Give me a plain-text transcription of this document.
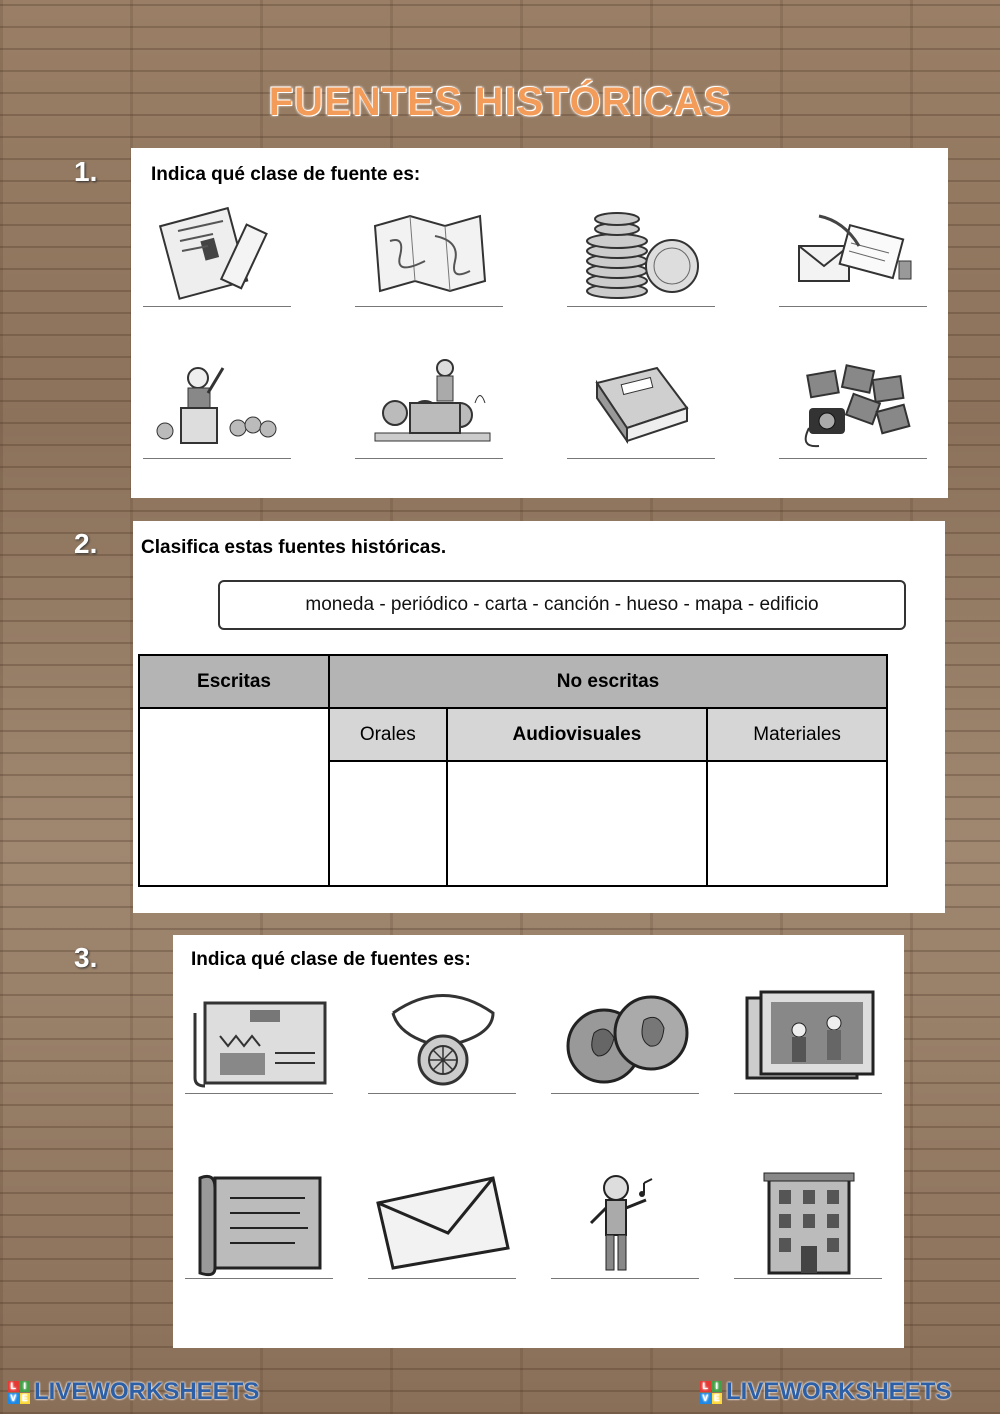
FUENTES HISTÓRICAS
1.	Indica qué clase de fuente es:
2. Clasifica estas fuentes históricas.
moneda - periódico - carta - canción - hueso - mapa - edificio
Escritas	No escritas		
	Orales	Audiovisuales	Materiales

3.	Indica qué clase de fuentes es:
L I
V E LIVEWORKSHEETS	L I
V E LIVEWORKSHEETS
